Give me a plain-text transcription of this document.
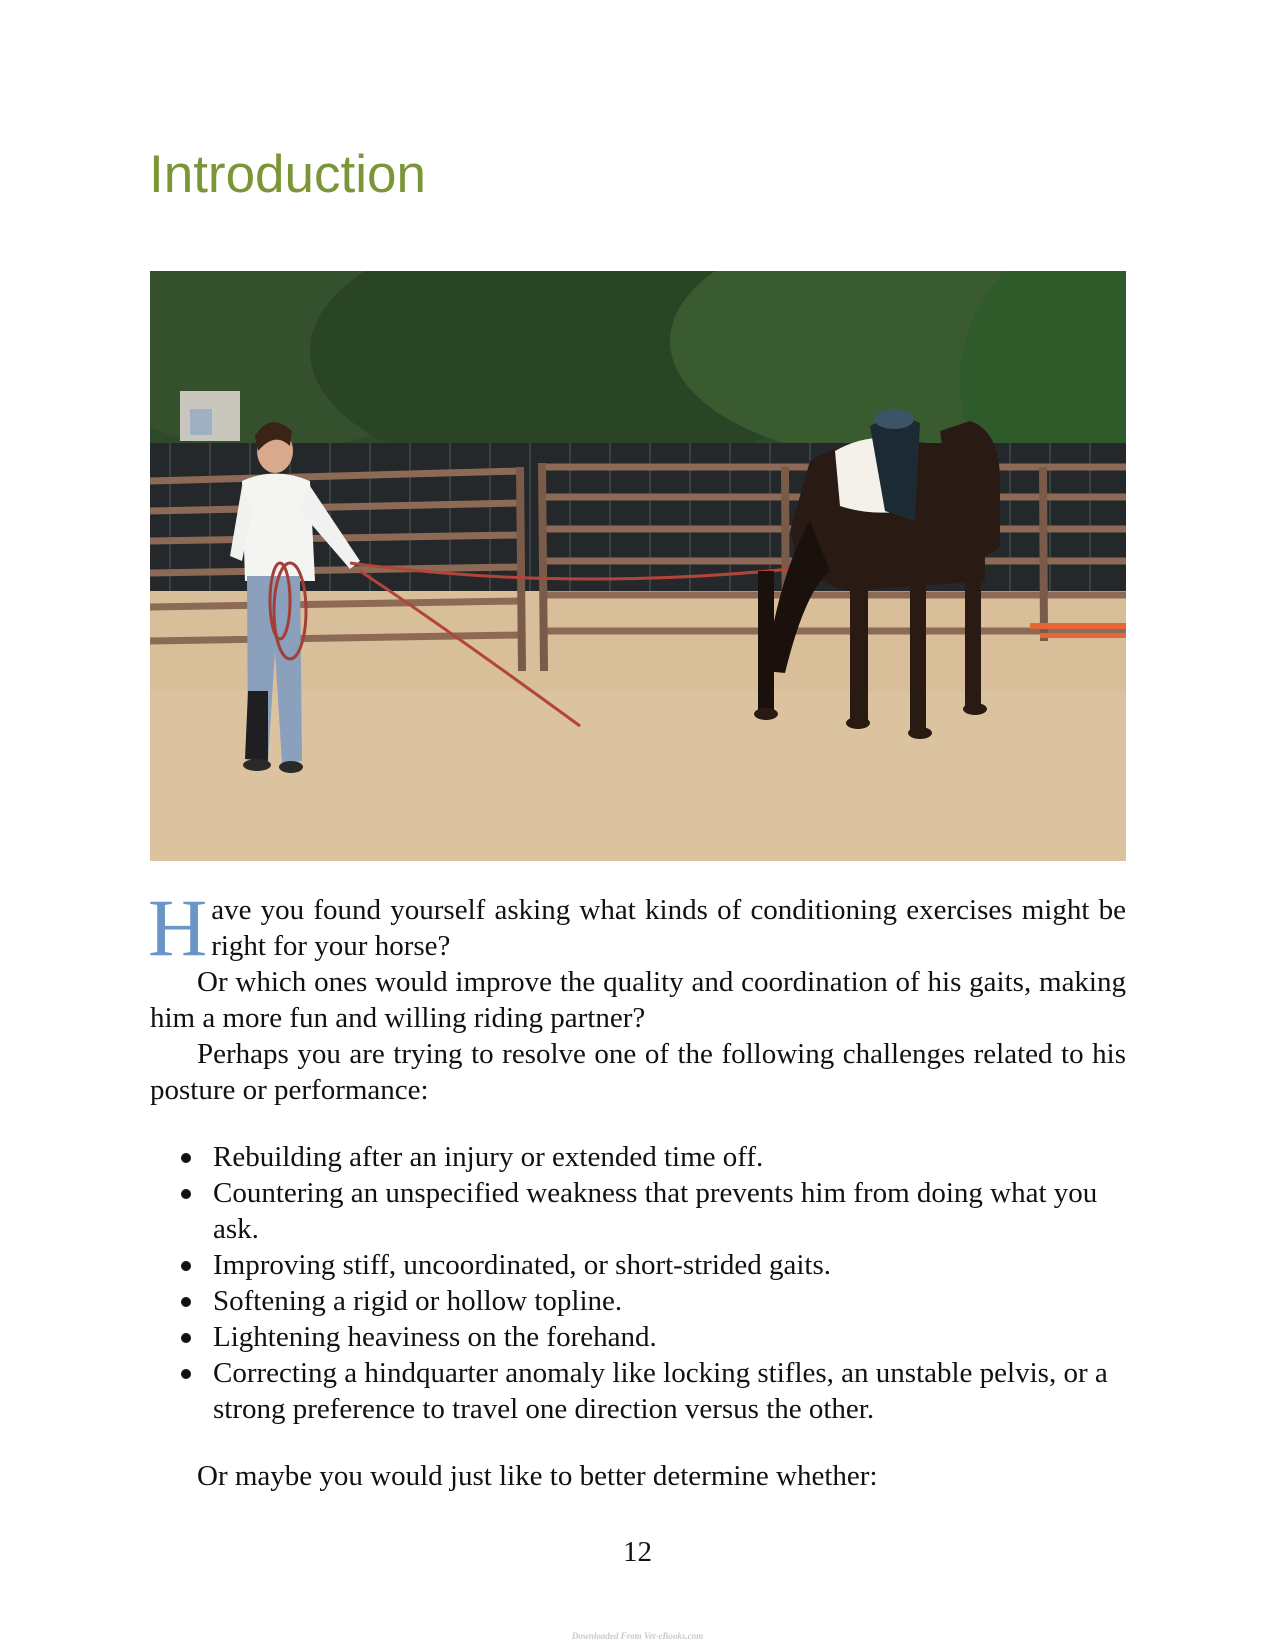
Introduction

Have you found yourself asking what kinds of conditioning exercises might be right for your horse?

Or which ones would improve the quality and coordination of his gaits, making him a more fun and willing riding partner?

Perhaps you are trying to resolve one of the following challenges related to his posture or performance:

Rebuilding after an injury or extended time off.
Countering an unspecified weakness that prevents him from doing what you ask.
Improving stiff, uncoordinated, or short-strided gaits.
Softening a rigid or hollow topline.
Lightening heaviness on the forehand.
Correcting a hindquarter anomaly like locking stifles, an unstable pelvis, or a strong preference to travel one direction versus the other.

Or maybe you would just like to better determine whether:

12
Downloaded From Vet-eBooks.com
